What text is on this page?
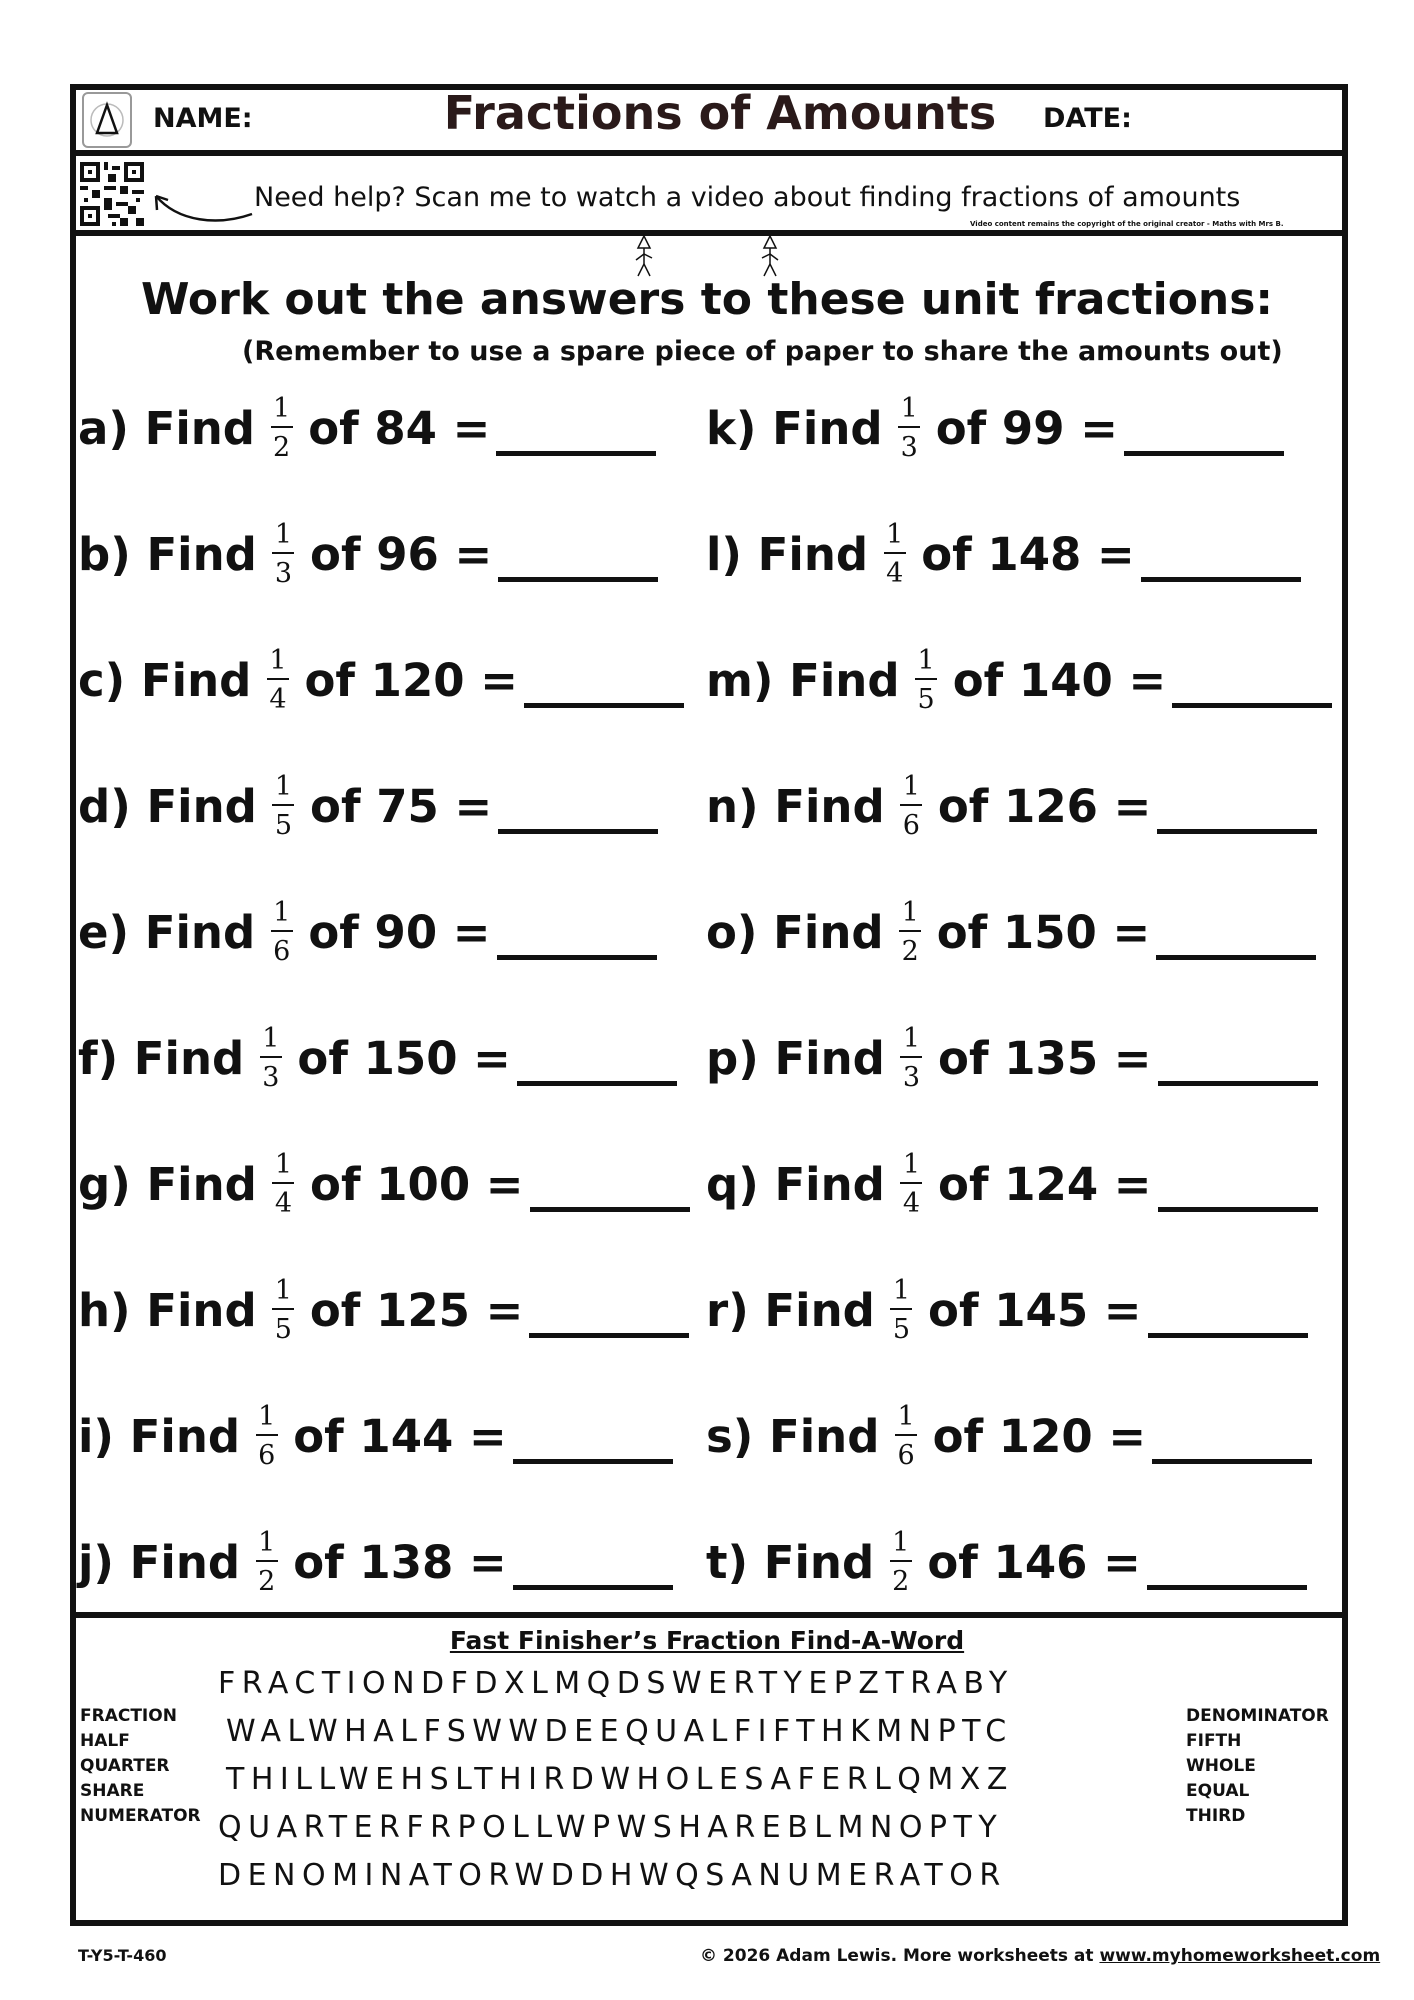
NAME:	Fractions of Amounts	DATE:
Need help? Scan me to watch a video about finding fractions of amounts
Video content remains the copyright of the original creator - Maths with Mrs B.
Work out the answers to these unit fractions:
(Remember to use a spare piece of paper to share the amounts out)
a) Find $\frac{1}{2}$ of 84 =
b) Find $\frac{1}{3}$ of 96 =
c) Find $\frac{1}{4}$ of 120 =
d) Find $\frac{1}{5}$ of 75 =
e) Find $\frac{1}{6}$ of 90 =
f) Find $\frac{1}{3}$ of 150 =
g) Find $\frac{1}{4}$ of 100 =
h) Find $\frac{1}{5}$ of 125 =
i) Find $\frac{1}{6}$ of 144 =
j) Find $\frac{1}{2}$ of 138 =
k) Find $\frac{1}{3}$ of 99 =
l) Find $\frac{1}{4}$ of 148 =
m) Find $\frac{1}{5}$ of 140 =
n) Find $\frac{1}{6}$ of 126 =
o) Find $\frac{1}{2}$ of 150 =
p) Find $\frac{1}{3}$ of 135 =
q) Find $\frac{1}{4}$ of 124 =
r) Find $\frac{1}{5}$ of 145 =
s) Find $\frac{1}{6}$ of 120 =
t) Find $\frac{1}{2}$ of 146 =
Fast Finisher’s Fraction Find-A-Word
FRACTION
HALF
QUARTER
SHARE
NUMERATOR
DENOMINATOR
FIFTH
WHOLE
EQUAL
THIRD
FRACTIONDFDXLMQDSWERTYEPZTRABY
WALWHALFSWWDEEQUALFIFTHKMNPTC
THILLWEHSLTHIRDWHOLESAFERLQMXZ
QUARTERFRPOLLWPWSHAREBLMNOPTY
DENOMINATORWDDHWQSANUMERATOR
T-Y5-T-460	© 2026 Adam Lewis. More worksheets at www.myhomeworksheet.com
